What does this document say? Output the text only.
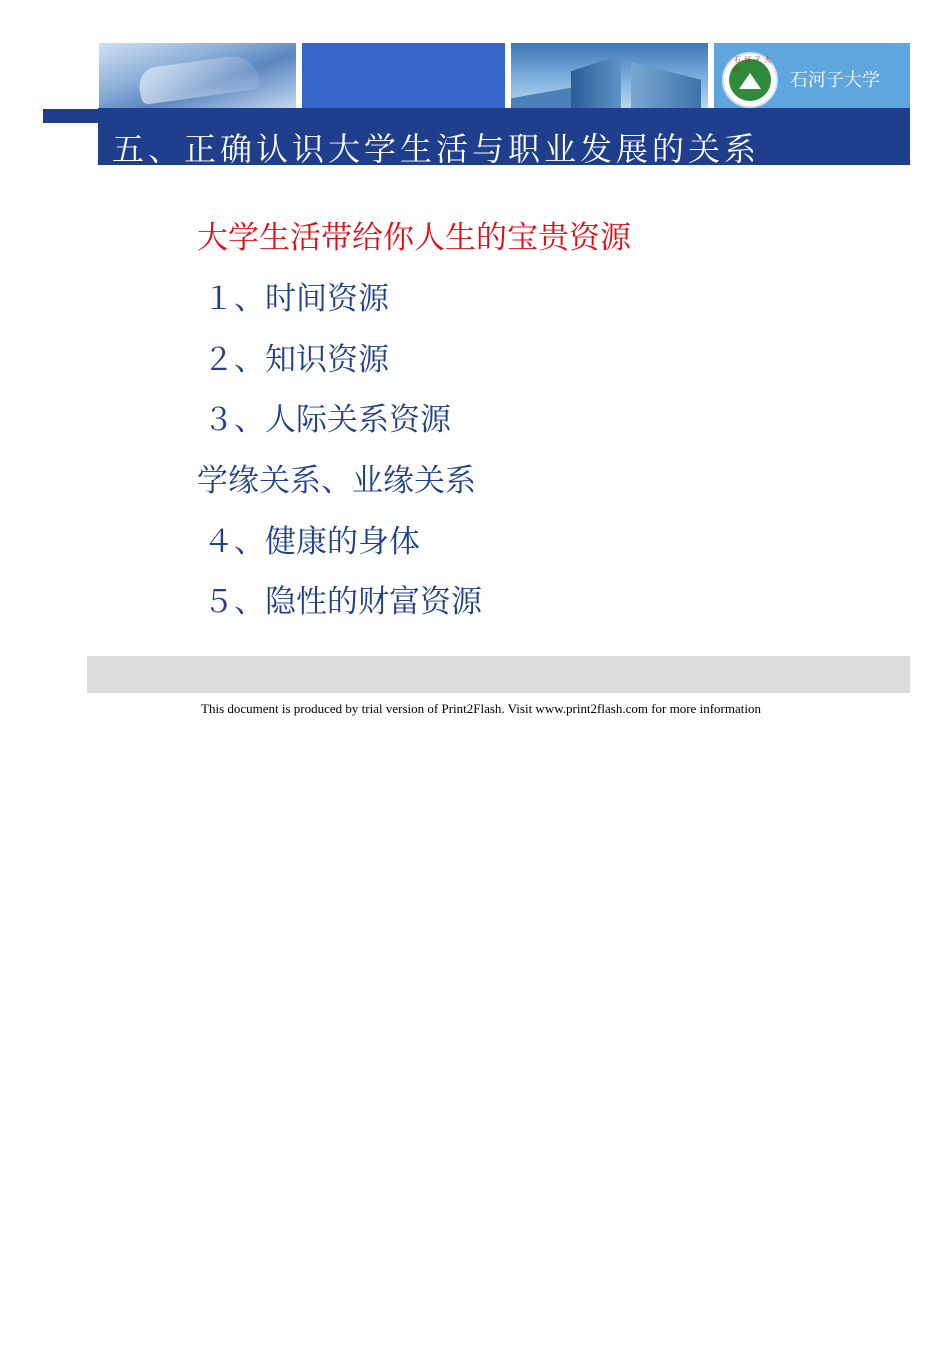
石河子大学	石河子大学
五、正确认识大学生活与职业发展的关系
大学生活带给你人生的宝贵资源
１、时间资源
２、知识资源
３、人际关系资源
学缘关系、业缘关系
４、健康的身体
５、隐性的财富资源
This document is produced by trial version of Print2Flash. Visit www.print2flash.com for more information
